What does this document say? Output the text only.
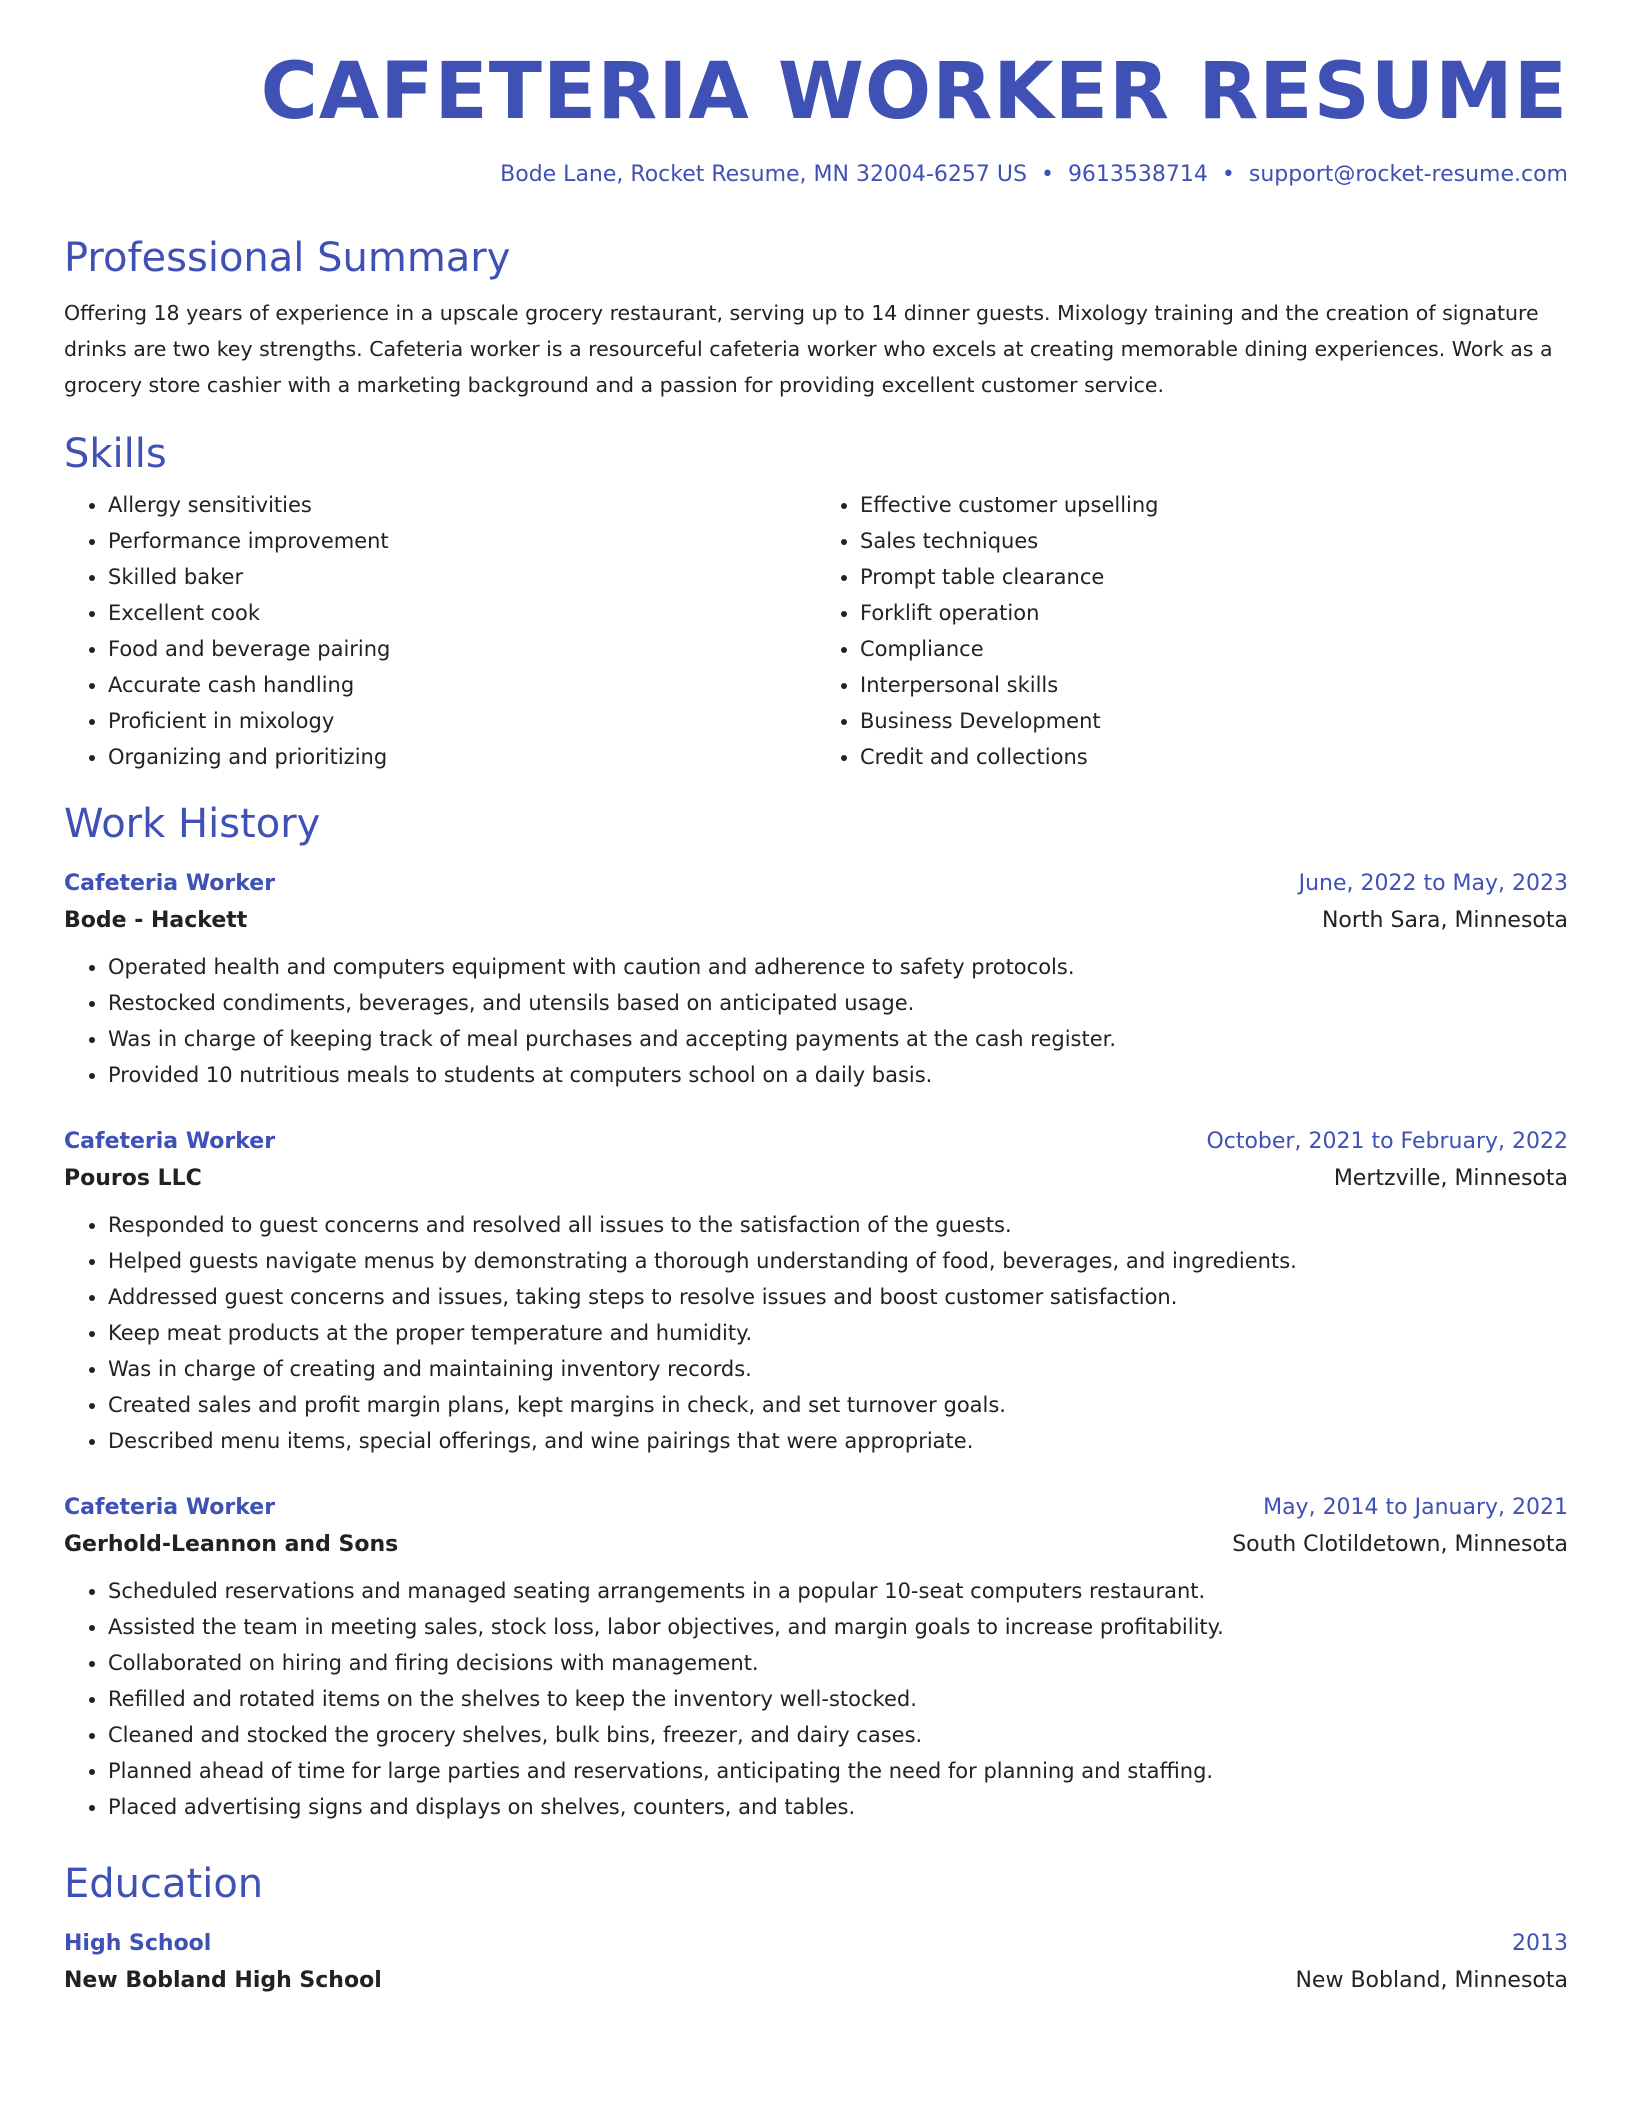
CAFETERIA WORKER RESUME
Bode Lane, Rocket Resume, MN 32004-6257 US • 9613538714 • support@rocket-resume.com
Professional Summary
Offering 18 years of experience in a upscale grocery restaurant, serving up to 14 dinner guests. Mixology training and the creation of signature drinks are two key strengths. Cafeteria worker is a resourceful cafeteria worker who excels at creating memorable dining experiences. Work as a grocery store cashier with a marketing background and a passion for providing excellent customer service.
Skills
• Allergy sensitivities
• Performance improvement
• Skilled baker
• Excellent cook
• Food and beverage pairing
• Accurate cash handling
• Proficient in mixology
• Organizing and prioritizing
• Effective customer upselling
• Sales techniques
• Prompt table clearance
• Forklift operation
• Compliance
• Interpersonal skills
• Business Development
• Credit and collections
Work History
Cafeteria Worker	June, 2022 to May, 2023
Bode - Hackett	North Sara, Minnesota
• Operated health and computers equipment with caution and adherence to safety protocols.
• Restocked condiments, beverages, and utensils based on anticipated usage.
• Was in charge of keeping track of meal purchases and accepting payments at the cash register.
• Provided 10 nutritious meals to students at computers school on a daily basis.
Cafeteria Worker	October, 2021 to February, 2022
Pouros LLC	Mertzville, Minnesota
• Responded to guest concerns and resolved all issues to the satisfaction of the guests.
• Helped guests navigate menus by demonstrating a thorough understanding of food, beverages, and ingredients.
• Addressed guest concerns and issues, taking steps to resolve issues and boost customer satisfaction.
• Keep meat products at the proper temperature and humidity.
• Was in charge of creating and maintaining inventory records.
• Created sales and profit margin plans, kept margins in check, and set turnover goals.
• Described menu items, special offerings, and wine pairings that were appropriate.
Cafeteria Worker	May, 2014 to January, 2021
Gerhold-Leannon and Sons	South Clotildetown, Minnesota
• Scheduled reservations and managed seating arrangements in a popular 10-seat computers restaurant.
• Assisted the team in meeting sales, stock loss, labor objectives, and margin goals to increase profitability.
• Collaborated on hiring and firing decisions with management.
• Refilled and rotated items on the shelves to keep the inventory well-stocked.
• Cleaned and stocked the grocery shelves, bulk bins, freezer, and dairy cases.
• Planned ahead of time for large parties and reservations, anticipating the need for planning and staffing.
• Placed advertising signs and displays on shelves, counters, and tables.
Education
High School	2013
New Bobland High School	New Bobland, Minnesota
